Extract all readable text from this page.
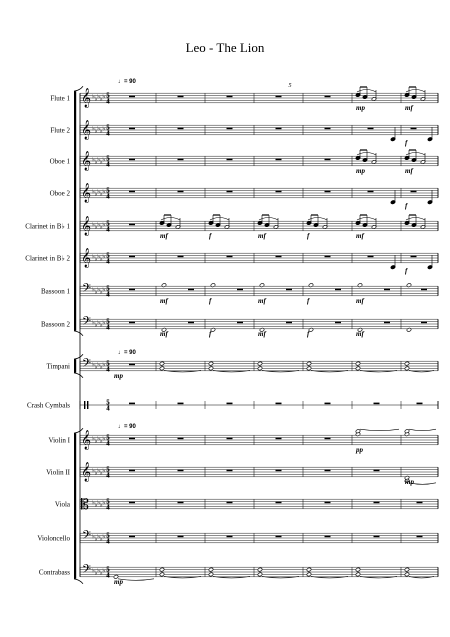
Leo - The Lion
♩= 90
♩= 90
♩= 90
5
Flute 1 𝄞 ♭ ♭ ♭ ♭ ♭ 5
4
mp	mf
Flute 2 𝄞 ♭ ♭ ♭ ♭ ♭ 5
4
f
Oboe 1 𝄞 ♭ ♭ ♭ ♭ ♭ 5
4
mp	mf
Oboe 2 𝄞 ♭ ♭ ♭ ♭ ♭ 5
4
f
Clarinet in B♭ 1 𝄞 ♭ ♭ ♭ ♭ ♭ 5
4
mf	f	mf	f	mf
Clarinet in B♭ 2 𝄞 ♭ ♭ ♭ ♭ ♭ 5
4
f
Bassoon 1 𝄢 ♭ ♭ ♭ ♭ ♭ 5
4
mf	f	mf	f	mf
Bassoon 2 𝄢 ♭ ♭ ♭ ♭ ♭ 5
4
mf	f	mf	f	mf
Timpani 𝄢 ♭ ♭ ♭ ♭ ♭ 5
4
mp
Crash Cymbals	5
4
Violin I 𝄞 ♭ ♭ ♭ ♭ ♭ 5
4
pp
Violin II 𝄞 ♭ ♭ ♭ ♭ ♭ 5
4
mp
Viola 𝄡 ♭ ♭ ♭ ♭ ♭ 5
4
Violoncello 𝄢 ♭ ♭ ♭ ♭ ♭ 5
4
Contrabass 𝄢 ♭ ♭ ♭ ♭ ♭ 5
4
mp
